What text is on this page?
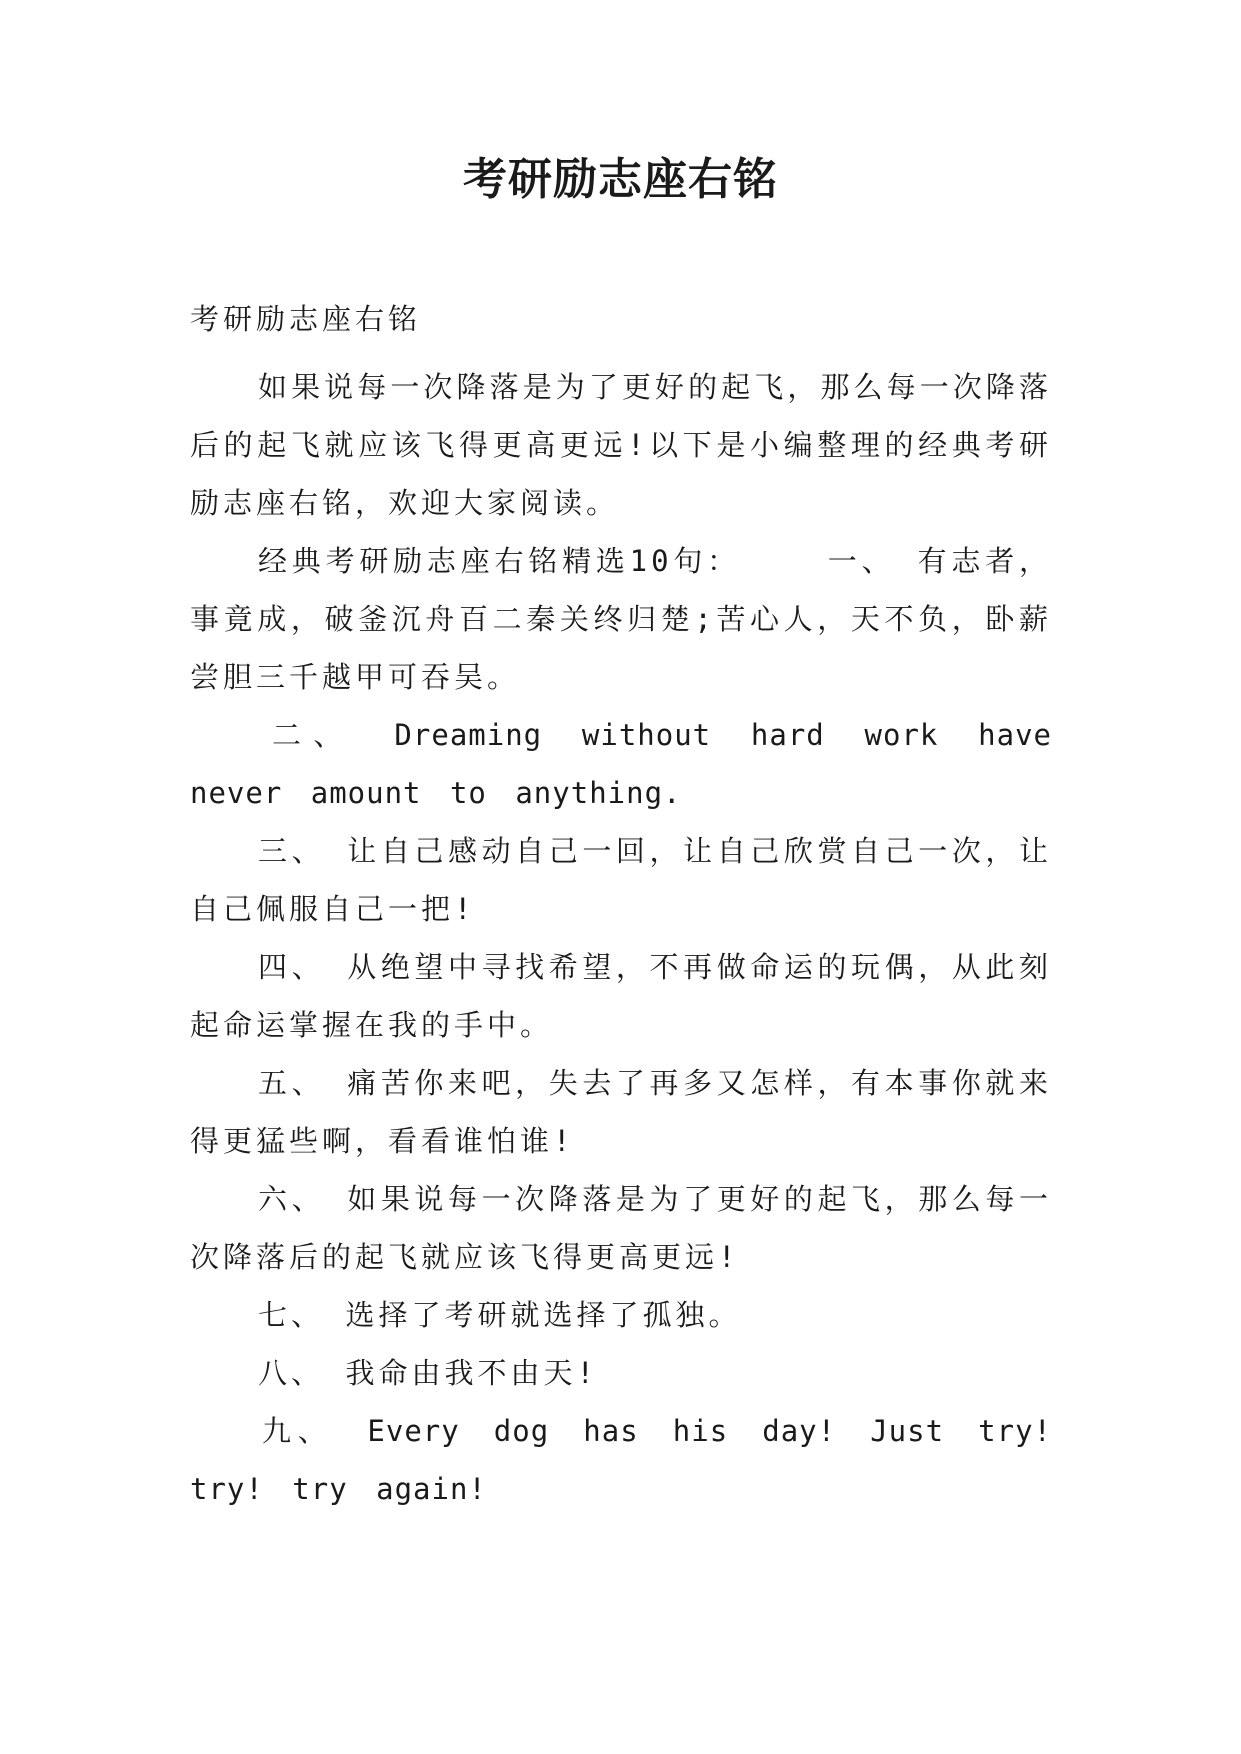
考研励志座右铭
考研励志座右铭

如果说每一次降落是为了更好的起飞，那么每一次降落后的起飞就应该飞得更高更远!以下是小编整理的经典考研励志座右铭，欢迎大家阅读。

经典考研励志座右铭精选10句：　　　一、 有志者，事竟成，破釜沉舟百二秦关终归楚;苦心人，天不负，卧薪尝胆三千越甲可吞吴。

二、 Dreaming without hard work have never amount to anything.

三、 让自己感动自己一回，让自己欣赏自己一次，让自己佩服自己一把!

四、 从绝望中寻找希望，不再做命运的玩偶，从此刻起命运掌握在我的手中。

五、 痛苦你来吧，失去了再多又怎样，有本事你就来得更猛些啊，看看谁怕谁!

六、 如果说每一次降落是为了更好的起飞，那么每一次降落后的起飞就应该飞得更高更远!

七、 选择了考研就选择了孤独。

八、 我命由我不由天!

九、 Every dog has his day! Just try! try! try again!
